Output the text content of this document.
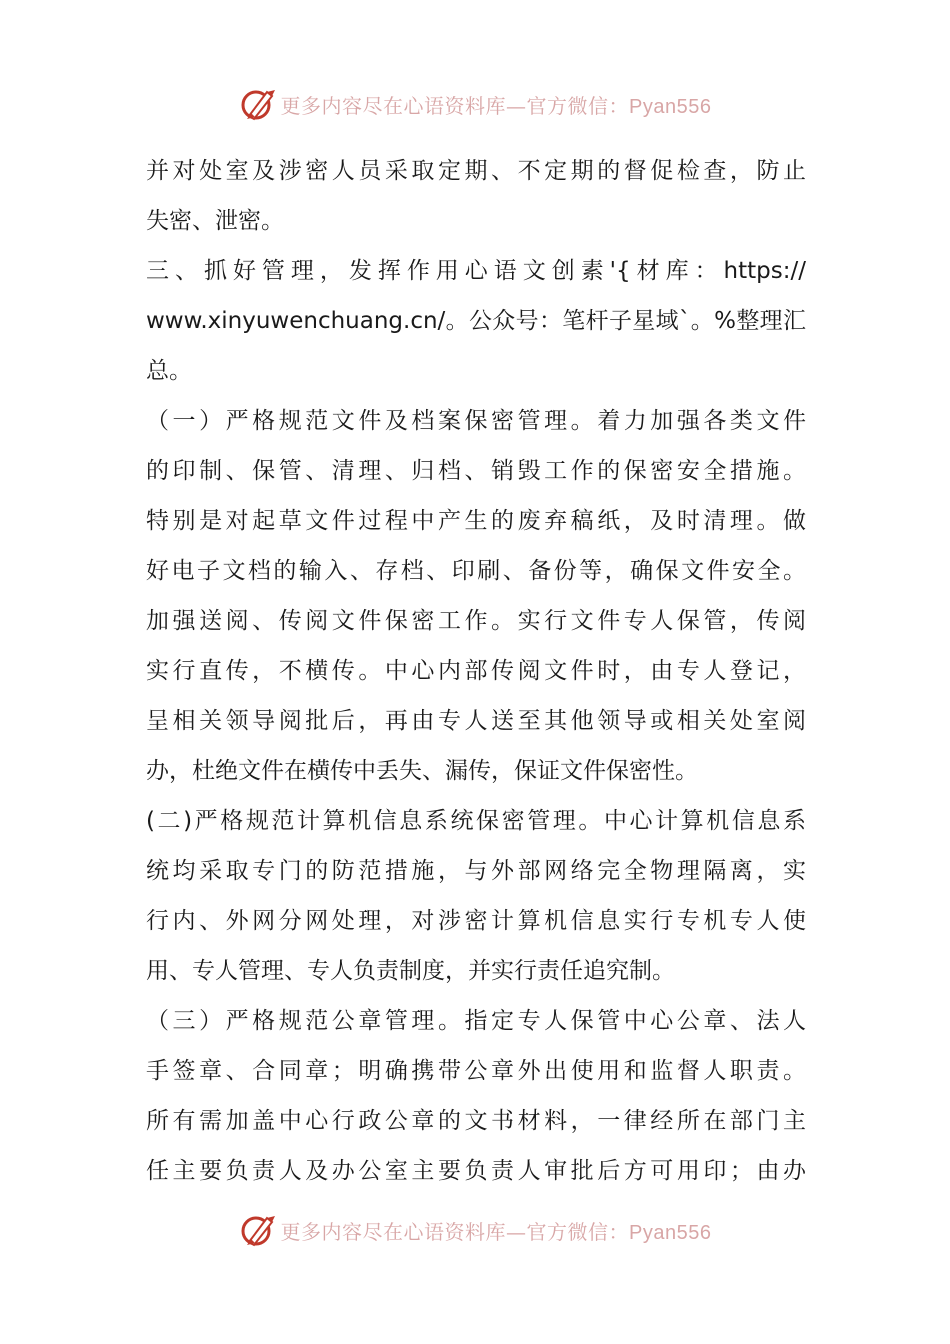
更多内容尽在心语资料库—官方微信：Pyan556
并对处室及涉密人员采取定期、不定期的督促检查，防止
失密、泄密。
三、抓好管理，发挥作用心语文创素'{材库：https://
www.xinyuwenchuang.cn/。公众号：笔杆子星域`。%整理汇
总。
（一）严格规范文件及档案保密管理。着力加强各类文件
的印制、保管、清理、归档、销毁工作的保密安全措施。
特别是对起草文件过程中产生的废弃稿纸，及时清理。做
好电子文档的输入、存档、印刷、备份等，确保文件安全。
加强送阅、传阅文件保密工作。实行文件专人保管，传阅
实行直传，不横传。中心内部传阅文件时，由专人登记，
呈相关领导阅批后，再由专人送至其他领导或相关处室阅
办，杜绝文件在横传中丢失、漏传，保证文件保密性。
(二)严格规范计算机信息系统保密管理。中心计算机信息系
统均采取专门的防范措施，与外部网络完全物理隔离，实
行内、外网分网处理，对涉密计算机信息实行专机专人使
用、专人管理、专人负责制度，并实行责任追究制。
（三）严格规范公章管理。指定专人保管中心公章、法人
手签章、合同章；明确携带公章外出使用和监督人职责。
所有需加盖中心行政公章的文书材料，一律经所在部门主
任主要负责人及办公室主要负责人审批后方可用印；由办
更多内容尽在心语资料库—官方微信：Pyan556
